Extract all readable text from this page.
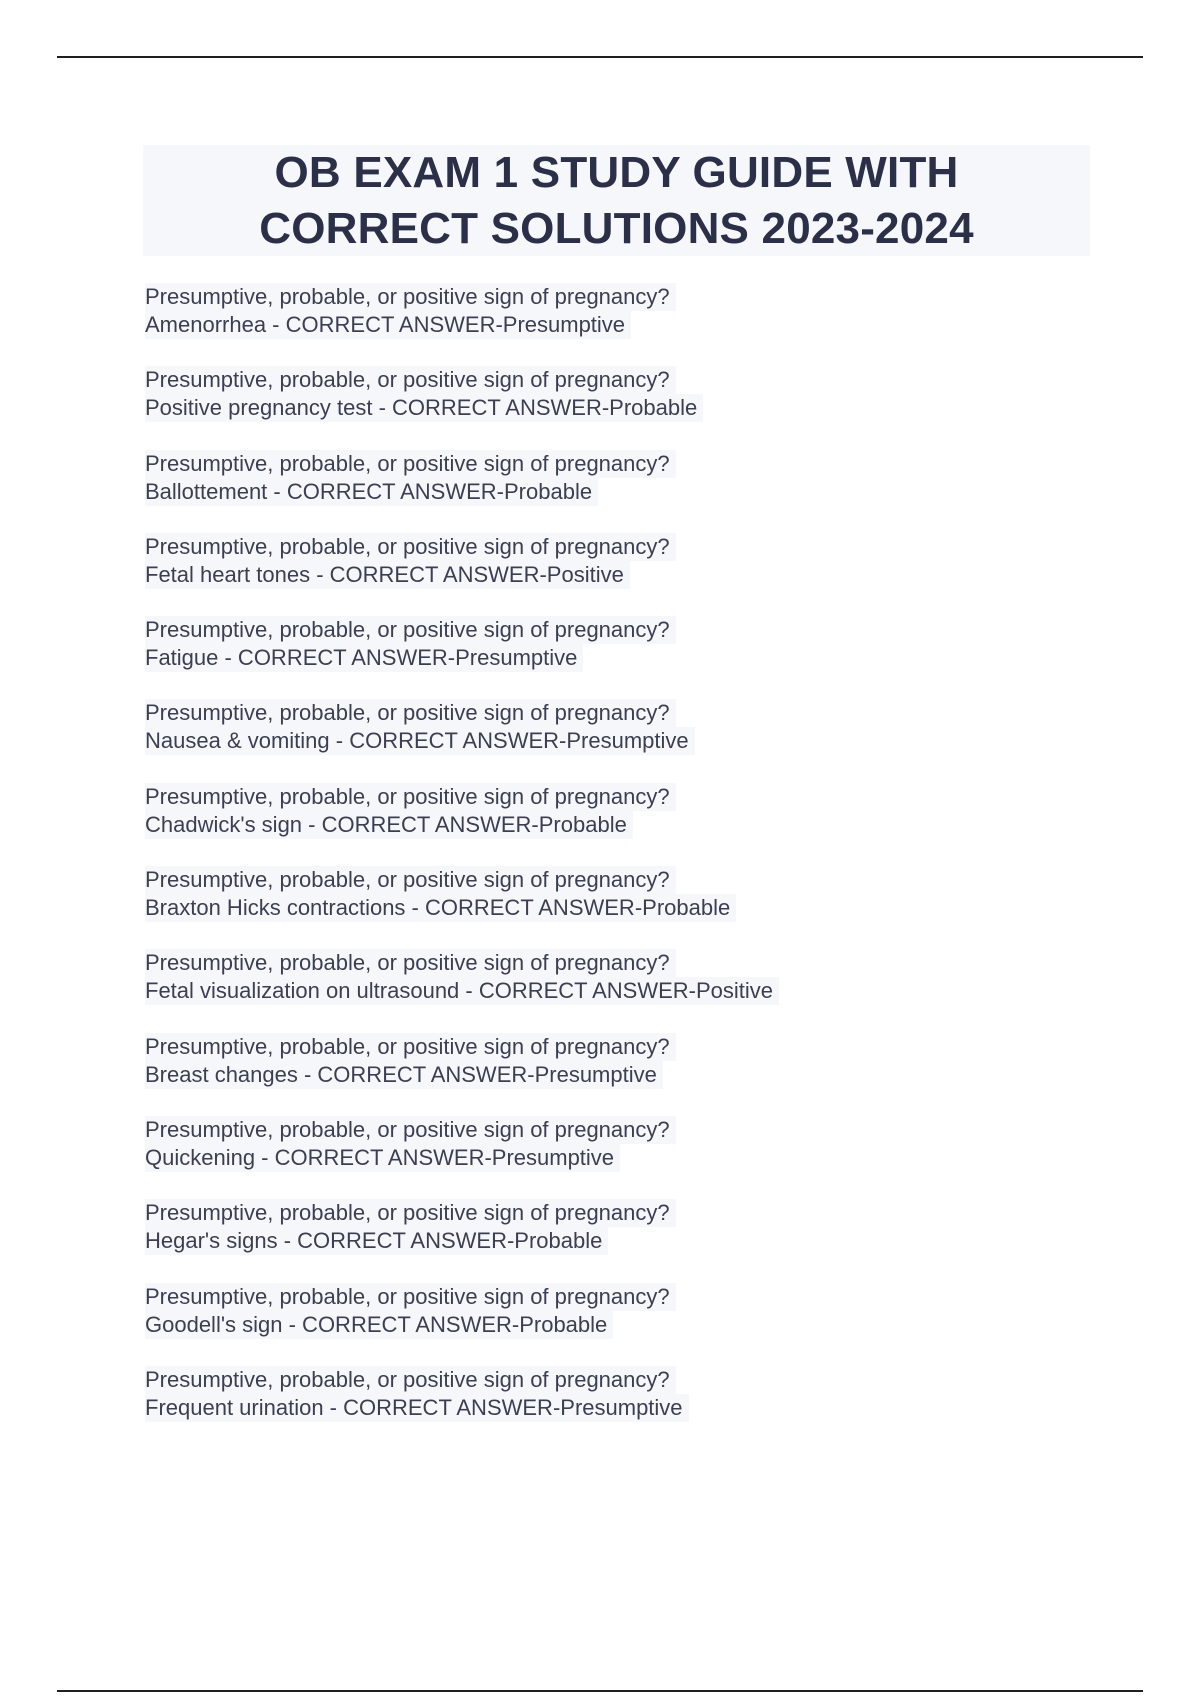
OB EXAM 1 STUDY GUIDE WITH
CORRECT SOLUTIONS 2023-2024
Presumptive, probable, or positive sign of pregnancy?
Amenorrhea - CORRECT ANSWER-Presumptive
Presumptive, probable, or positive sign of pregnancy?
Positive pregnancy test - CORRECT ANSWER-Probable
Presumptive, probable, or positive sign of pregnancy?
Ballottement - CORRECT ANSWER-Probable
Presumptive, probable, or positive sign of pregnancy?
Fetal heart tones - CORRECT ANSWER-Positive
Presumptive, probable, or positive sign of pregnancy?
Fatigue - CORRECT ANSWER-Presumptive
Presumptive, probable, or positive sign of pregnancy?
Nausea & vomiting - CORRECT ANSWER-Presumptive
Presumptive, probable, or positive sign of pregnancy?
Chadwick's sign - CORRECT ANSWER-Probable
Presumptive, probable, or positive sign of pregnancy?
Braxton Hicks contractions - CORRECT ANSWER-Probable
Presumptive, probable, or positive sign of pregnancy?
Fetal visualization on ultrasound - CORRECT ANSWER-Positive
Presumptive, probable, or positive sign of pregnancy?
Breast changes - CORRECT ANSWER-Presumptive
Presumptive, probable, or positive sign of pregnancy?
Quickening - CORRECT ANSWER-Presumptive
Presumptive, probable, or positive sign of pregnancy?
Hegar's signs - CORRECT ANSWER-Probable
Presumptive, probable, or positive sign of pregnancy?
Goodell's sign - CORRECT ANSWER-Probable
Presumptive, probable, or positive sign of pregnancy?
Frequent urination - CORRECT ANSWER-Presumptive
